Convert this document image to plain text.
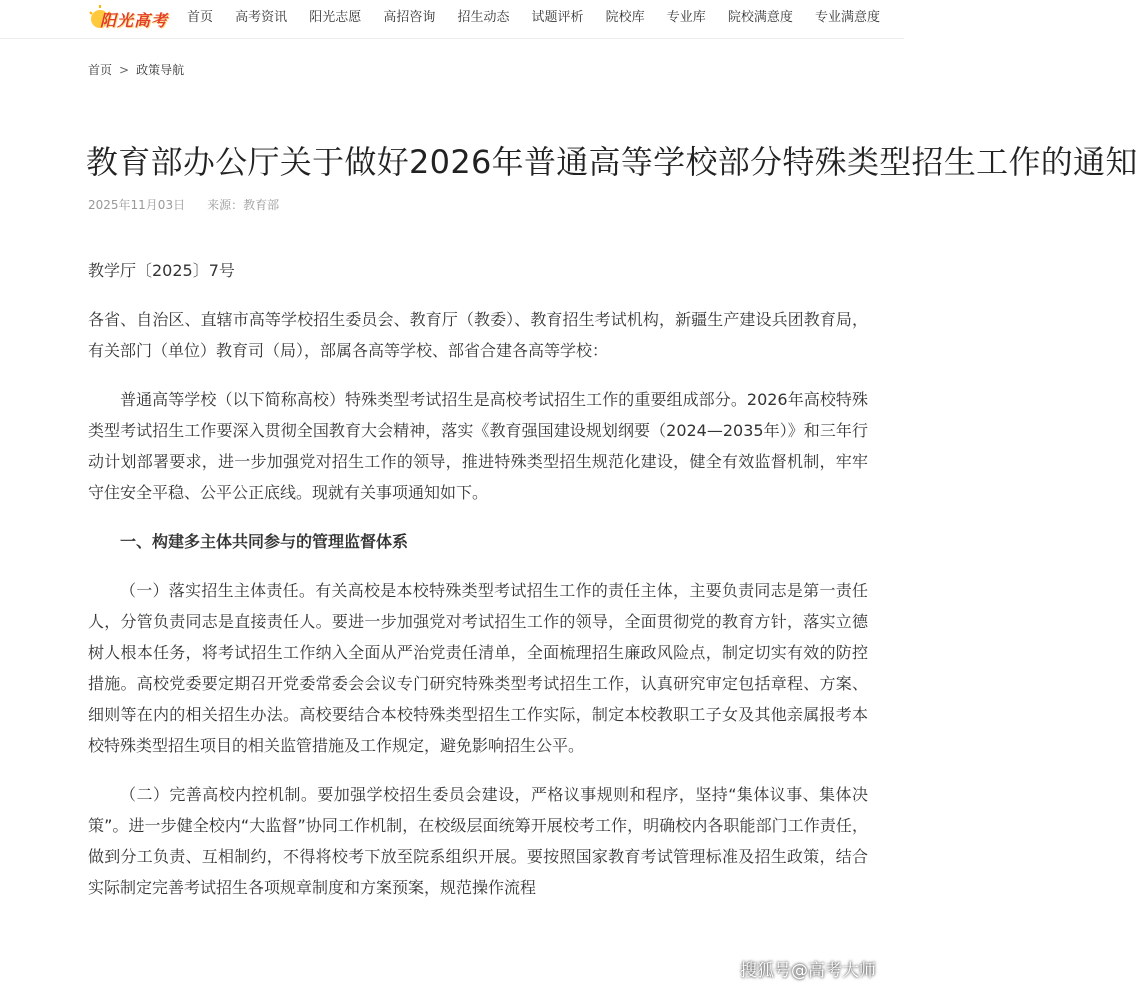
阳光高考 首页 高考资讯 阳光志愿 高招咨询 招生动态 试题评析 院校库 专业库 院校满意度 专业满意度
首页 > 政策导航
教育部办公厅关于做好2026年普通高等学校部分特殊类型招生工作的通知
2025年11月03日 来源：教育部

教学厅〔2025〕7号

各省、自治区、直辖市高等学校招生委员会、教育厅（教委）、教育招生考试机构，新疆生产建设兵团教育局，有关部门（单位）教育司（局），部属各高等学校、部省合建各高等学校：

普通高等学校（以下简称高校）特殊类型考试招生是高校考试招生工作的重要组成部分。2026年高校特殊类型考试招生工作要深入贯彻全国教育大会精神，落实《教育强国建设规划纲要（2024—2035年）》和三年行动计划部署要求，进一步加强党对招生工作的领导，推进特殊类型招生规范化建设，健全有效监督机制，牢牢守住安全平稳、公平公正底线。现就有关事项通知如下。

一、构建多主体共同参与的管理监督体系

（一）落实招生主体责任。有关高校是本校特殊类型考试招生工作的责任主体，主要负责同志是第一责任人，分管负责同志是直接责任人。要进一步加强党对考试招生工作的领导，全面贯彻党的教育方针，落实立德树人根本任务，将考试招生工作纳入全面从严治党责任清单，全面梳理招生廉政风险点，制定切实有效的防控措施。高校党委要定期召开党委常委会会议专门研究特殊类型考试招生工作，认真研究审定包括章程、方案、细则等在内的相关招生办法。高校要结合本校特殊类型招生工作实际，制定本校教职工子女及其他亲属报考本校特殊类型招生项目的相关监管措施及工作规定，避免影响招生公平。

（二）完善高校内控机制。要加强学校招生委员会建设，严格议事规则和程序，坚持“集体议事、集体决策”。进一步健全校内“大监督”协同工作机制，在校级层面统筹开展校考工作，明确校内各职能部门工作责任，做到分工负责、互相制约，不得将校考下放至院系组织开展。要按照国家教育考试管理标准及招生政策，结合实际制定完善考试招生各项规章制度和方案预案，规范操作流程

搜狐号@高考大师
